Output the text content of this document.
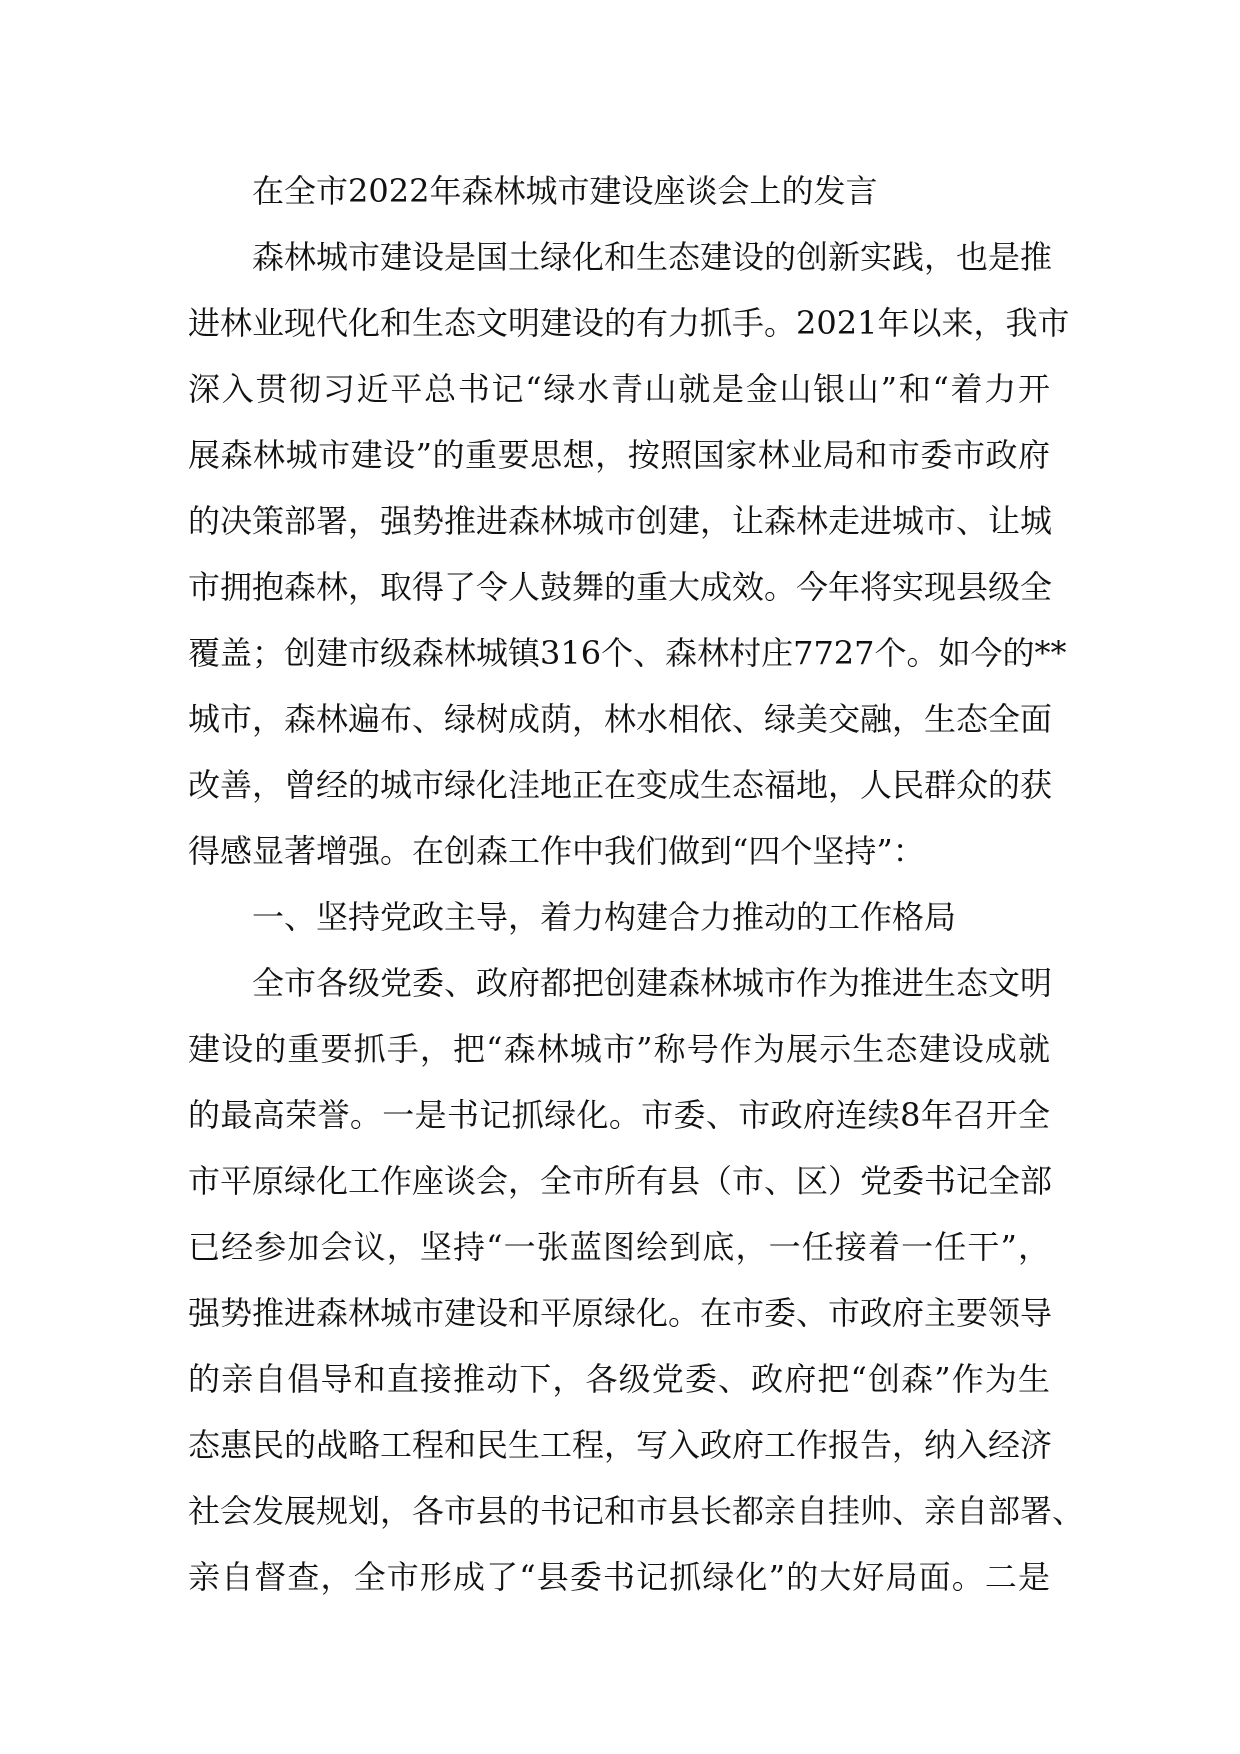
在全市2022年森林城市建设座谈会上的发言
森林城市建设是国土绿化和生态建设的创新实践，也是推
进林业现代化和生态文明建设的有力抓手。2021年以来，我市
深入贯彻习近平总书记“绿水青山就是金山银山”和“着力开
展森林城市建设”的重要思想，按照国家林业局和市委市政府
的决策部署，强势推进森林城市创建，让森林走进城市、让城
市拥抱森林，取得了令人鼓舞的重大成效。今年将实现县级全
覆盖；创建市级森林城镇316个、森林村庄7727个。如今的**
城市，森林遍布、绿树成荫，林水相依、绿美交融，生态全面
改善，曾经的城市绿化洼地正在变成生态福地，人民群众的获
得感显著增强。在创森工作中我们做到“四个坚持”：
一、坚持党政主导，着力构建合力推动的工作格局
全市各级党委、政府都把创建森林城市作为推进生态文明
建设的重要抓手，把“森林城市”称号作为展示生态建设成就
的最高荣誉。一是书记抓绿化。市委、市政府连续8年召开全
市平原绿化工作座谈会，全市所有县（市、区）党委书记全部
已经参加会议，坚持“一张蓝图绘到底，一任接着一任干”，
强势推进森林城市建设和平原绿化。在市委、市政府主要领导
的亲自倡导和直接推动下，各级党委、政府把“创森”作为生
态惠民的战略工程和民生工程，写入政府工作报告，纳入经济
社会发展规划，各市县的书记和市县长都亲自挂帅、亲自部署、
亲自督查，全市形成了“县委书记抓绿化”的大好局面。二是
